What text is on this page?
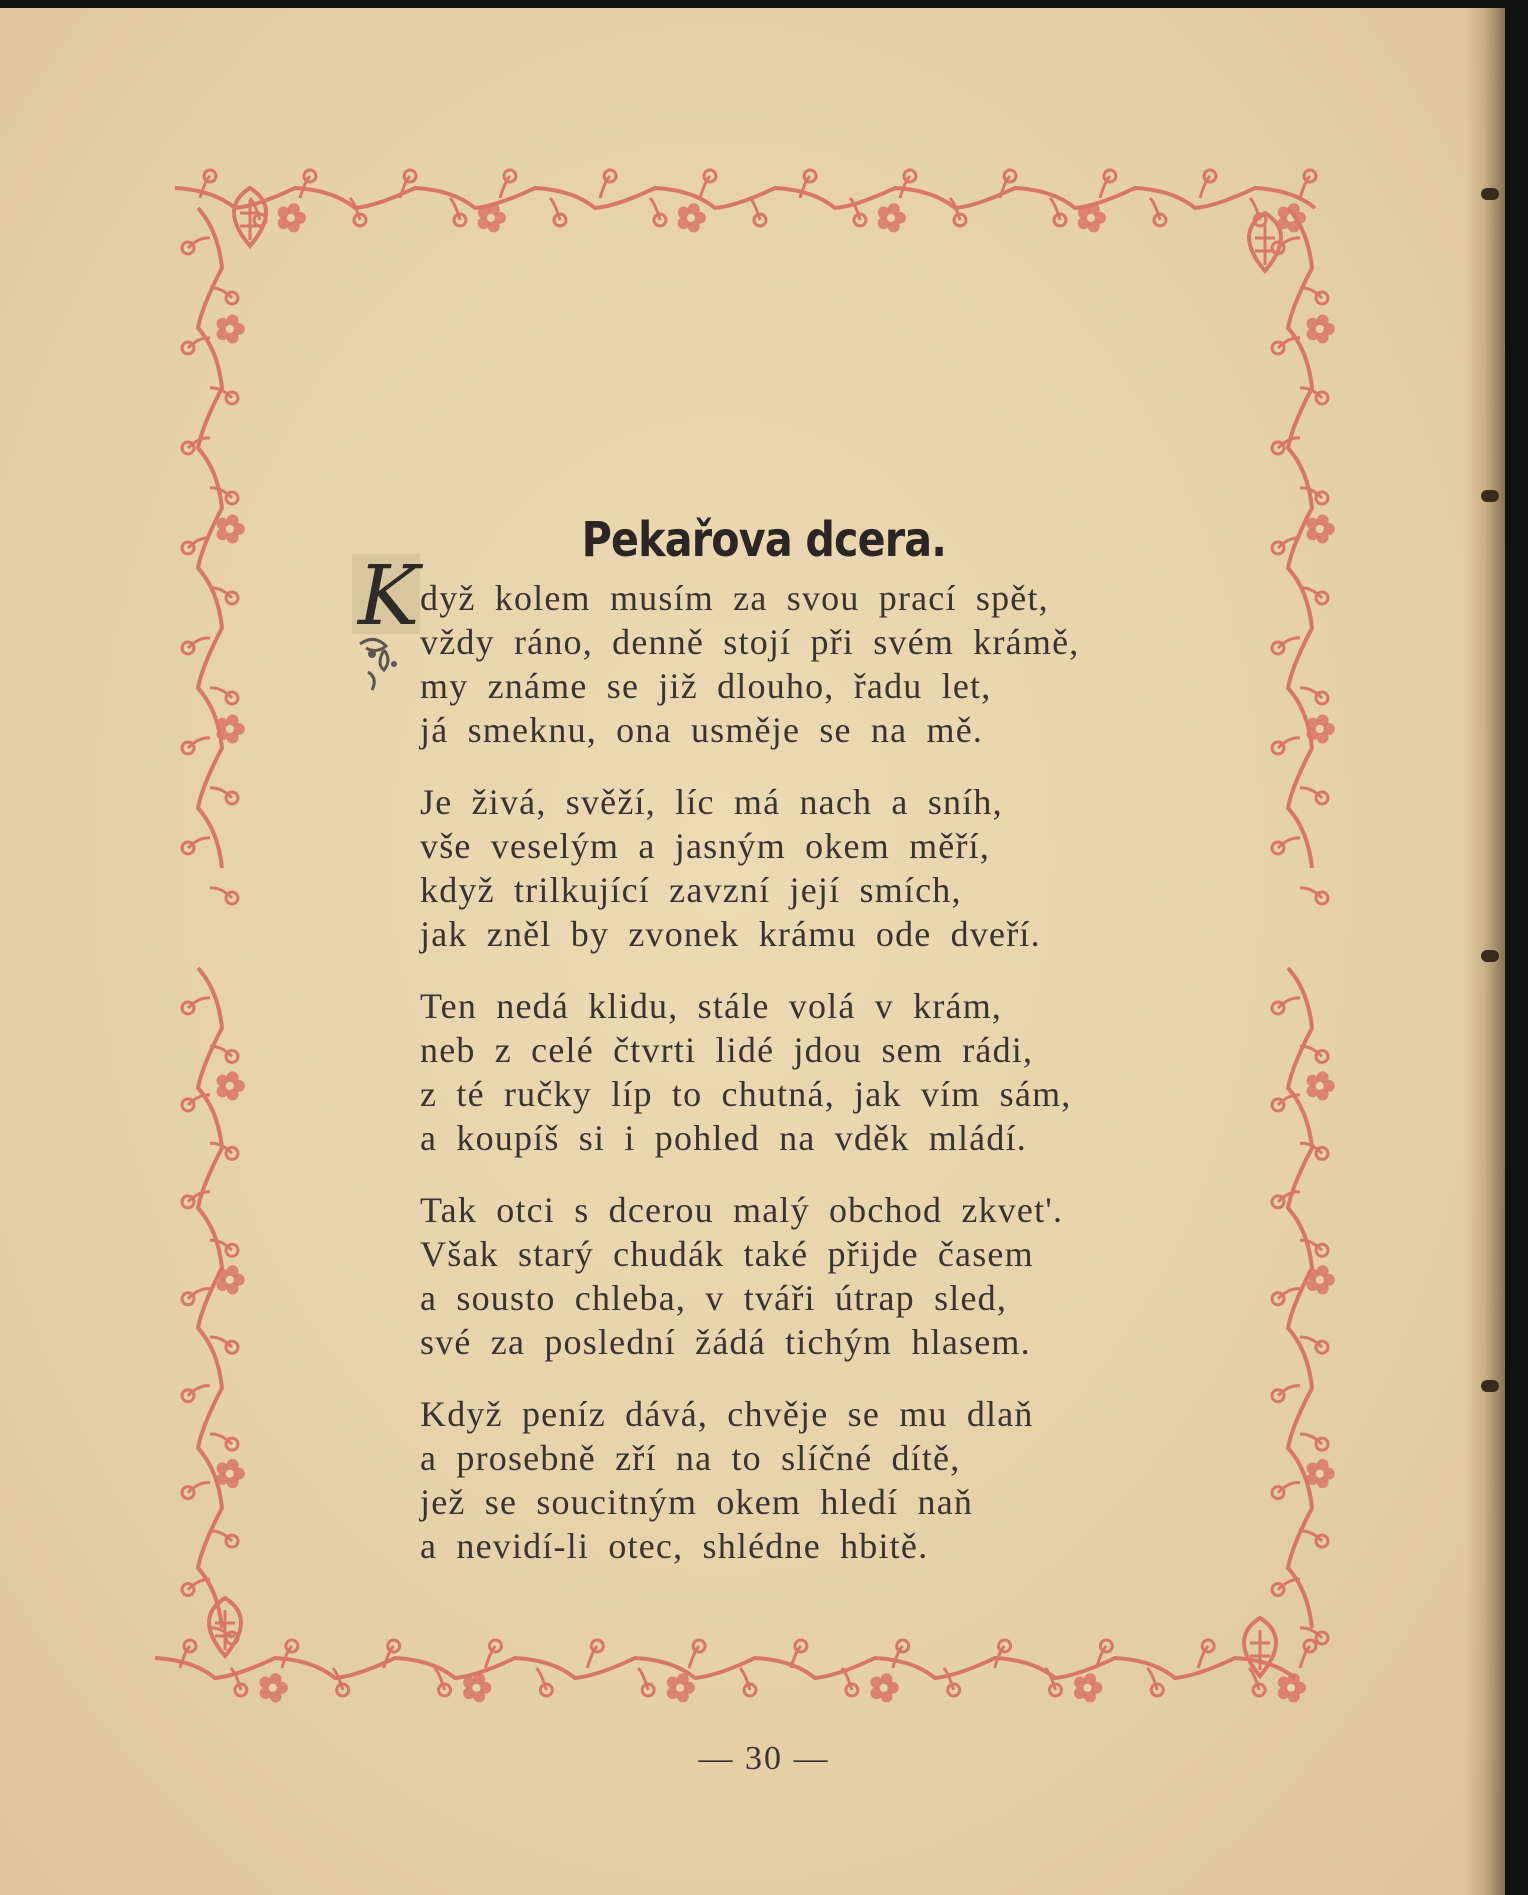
Pekařova dcera.
K dyž kolem musím za svou prací spět,
vždy ráno, denně stojí při svém krámě,
my známe se již dlouho, řadu let,
já smeknu, ona usměje se na mě.
Je živá, svěží, líc má nach a sníh,
vše veselým a jasným okem měří,
když trilkující zavzní její smích,
jak zněl by zvonek krámu ode dveří.
Ten nedá klidu, stále volá v krám,
neb z celé čtvrti lidé jdou sem rádi,
z té ručky líp to chutná, jak vím sám,
a koupíš si i pohled na vděk mládí.
Tak otci s dcerou malý obchod zkvet'.
Však starý chudák také přijde časem
a sousto chleba, v tváři útrap sled,
své za poslední žádá tichým hlasem.
Když peníz dává, chvěje se mu dlaň
a prosebně zří na to slíčné dítě,
jež se soucitným okem hledí naň
a nevidí-li otec, shlédne hbitě.
— 30 —
